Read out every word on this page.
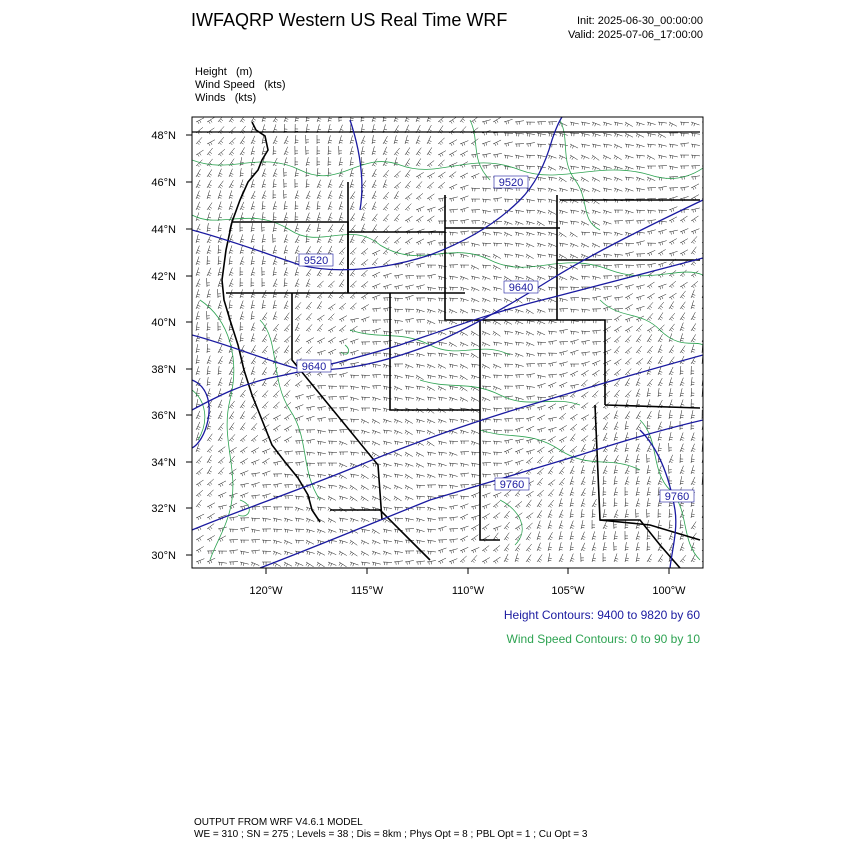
IWFAQRP Western US Real Time WRF	Init: 2025-06-30_00:00:00
Valid: 2025-07-06_17:00:00
Height   (m)
Wind Speed   (kts)
Winds   (kts)
9520
9520
9640
9640
9760
9760
48°N
46°N
44°N
42°N
40°N
38°N
36°N
34°N
32°N
30°N
120°W	115°W	110°W	105°W	100°W
Height Contours: 9400 to 9820 by 60
Wind Speed Contours: 0 to 90 by 10
OUTPUT FROM WRF V4.6.1 MODEL
WE = 310 ; SN = 275 ; Levels = 38 ; Dis = 8km ; Phys Opt = 8 ; PBL Opt = 1 ; Cu Opt = 3
